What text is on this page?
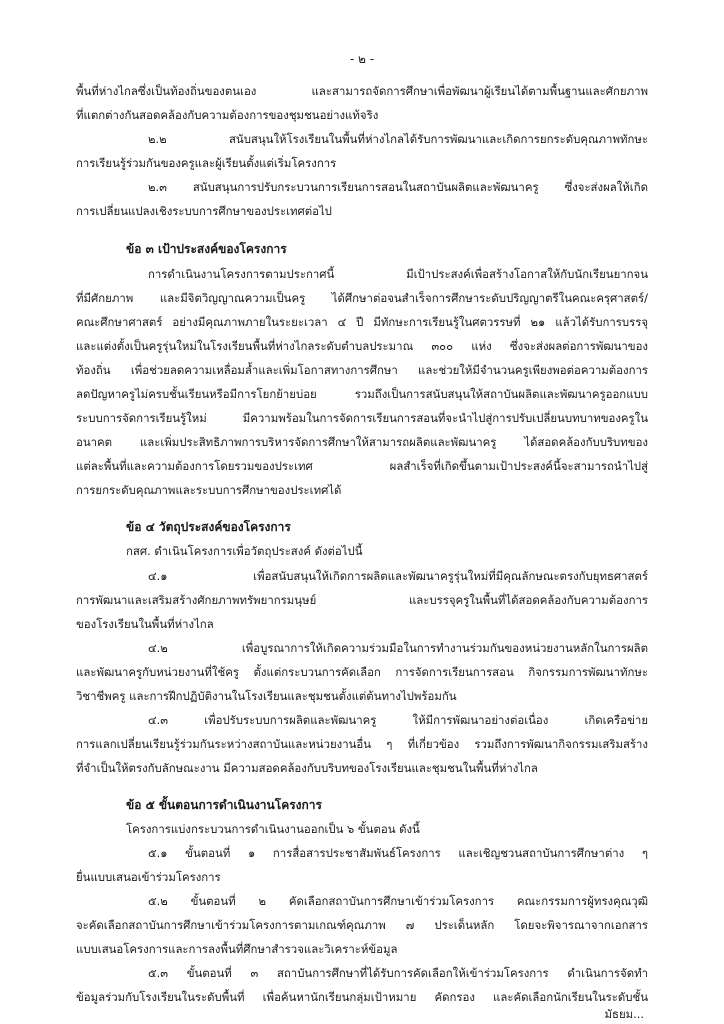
- ๒ -
พื้นที่ห่างไกลซึ่งเป็นท้องถิ่นของตนเอง และสามารถจัดการศึกษาเพื่อพัฒนาผู้เรียนได้ตามพื้นฐานและศักยภาพ
ที่แตกต่างกันสอดคล้องกับความต้องการของชุมชนอย่างแท้จริง
๒.๒ สนับสนุนให้โรงเรียนในพื้นที่ห่างไกลได้รับการพัฒนาและเกิดการยกระดับคุณภาพทักษะ
การเรียนรู้ร่วมกันของครูและผู้เรียนตั้งแต่เริ่มโครงการ
๒.๓ สนับสนุนการปรับกระบวนการเรียนการสอนในสถาบันผลิตและพัฒนาครู ซึ่งจะส่งผลให้เกิด
การเปลี่ยนแปลงเชิงระบบการศึกษาของประเทศต่อไป
ข้อ ๓ เป้าประสงค์ของโครงการ
การดำเนินงานโครงการตามประกาศนี้ มีเป้าประสงค์เพื่อสร้างโอกาสให้กับนักเรียนยากจน
ที่มีศักยภาพ และมีจิตวิญญาณความเป็นครู ได้ศึกษาต่อจนสำเร็จการศึกษาระดับปริญญาตรีในคณะครุศาสตร์/
คณะศึกษาศาสตร์ อย่างมีคุณภาพภายในระยะเวลา ๔ ปี มีทักษะการเรียนรู้ในศตวรรษที่ ๒๑ แล้วได้รับการบรรจุ
และแต่งตั้งเป็นครูรุ่นใหม่ในโรงเรียนพื้นที่ห่างไกลระดับตำบลประมาณ ๓๐๐ แห่ง ซึ่งจะส่งผลต่อการพัฒนาของ
ท้องถิ่น เพื่อช่วยลดความเหลื่อมล้ำและเพิ่มโอกาสทางการศึกษา และช่วยให้มีจำนวนครูเพียงพอต่อความต้องการ
ลดปัญหาครูไม่ครบชั้นเรียนหรือมีการโยกย้ายบ่อย รวมถึงเป็นการสนับสนุนให้สถาบันผลิตและพัฒนาครูออกแบบ
ระบบการจัดการเรียนรู้ใหม่ มีความพร้อมในการจัดการเรียนการสอนที่จะนำไปสู่การปรับเปลี่ยนบทบาทของครูใน
อนาคต และเพิ่มประสิทธิภาพการบริหารจัดการศึกษาให้สามารถผลิตและพัฒนาครู ได้สอดคล้องกับบริบทของ
แต่ละพื้นที่และความต้องการโดยรวมของประเทศ ผลสำเร็จที่เกิดขึ้นตามเป้าประสงค์นี้จะสามารถนำไปสู่
การยกระดับคุณภาพและระบบการศึกษาของประเทศได้
ข้อ ๔ วัตถุประสงค์ของโครงการ
กสศ. ดำเนินโครงการเพื่อวัตถุประสงค์ ดังต่อไปนี้
๔.๑ เพื่อสนับสนุนให้เกิดการผลิตและพัฒนาครูรุ่นใหม่ที่มีคุณลักษณะตรงกับยุทธศาสตร์
การพัฒนาและเสริมสร้างศักยภาพทรัพยากรมนุษย์ และบรรจุครูในพื้นที่ได้สอดคล้องกับความต้องการ
ของโรงเรียนในพื้นที่ห่างไกล
๔.๒ เพื่อบูรณาการให้เกิดความร่วมมือในการทำงานร่วมกันของหน่วยงานหลักในการผลิต
และพัฒนาครูกับหน่วยงานที่ใช้ครู ตั้งแต่กระบวนการคัดเลือก การจัดการเรียนการสอน กิจกรรมการพัฒนาทักษะ
วิชาชีพครู และการฝึกปฏิบัติงานในโรงเรียนและชุมชนตั้งแต่ต้นทางไปพร้อมกัน
๔.๓ เพื่อปรับระบบการผลิตและพัฒนาครู ให้มีการพัฒนาอย่างต่อเนื่อง เกิดเครือข่าย
การแลกเปลี่ยนเรียนรู้ร่วมกันระหว่างสถาบันและหน่วยงานอื่น ๆ ที่เกี่ยวข้อง รวมถึงการพัฒนากิจกรรมเสริมสร้าง
ที่จำเป็นให้ตรงกับลักษณะงาน มีความสอดคล้องกับบริบทของโรงเรียนและชุมชนในพื้นที่ห่างไกล
ข้อ ๕ ขั้นตอนการดำเนินงานโครงการ
โครงการแบ่งกระบวนการดำเนินงานออกเป็น ๖ ขั้นตอน ดังนี้
๕.๑ ขั้นตอนที่ ๑ การสื่อสารประชาสัมพันธ์โครงการ และเชิญชวนสถาบันการศึกษาต่าง ๆ
ยื่นแบบเสนอเข้าร่วมโครงการ
๕.๒ ขั้นตอนที่ ๒ คัดเลือกสถาบันการศึกษาเข้าร่วมโครงการ คณะกรรมการผู้ทรงคุณวุฒิ
จะคัดเลือกสถาบันการศึกษาเข้าร่วมโครงการตามเกณฑ์คุณภาพ ๗ ประเด็นหลัก โดยจะพิจารณาจากเอกสาร
แบบเสนอโครงการและการลงพื้นที่ศึกษาสำรวจและวิเคราะห์ข้อมูล
๕.๓ ขั้นตอนที่ ๓ สถาบันการศึกษาที่ได้รับการคัดเลือกให้เข้าร่วมโครงการ ดำเนินการจัดทำ
ข้อมูลร่วมกับโรงเรียนในระดับพื้นที่ เพื่อค้นหานักเรียนกลุ่มเป้าหมาย คัดกรอง และคัดเลือกนักเรียนในระดับชั้น
มัธยม...
